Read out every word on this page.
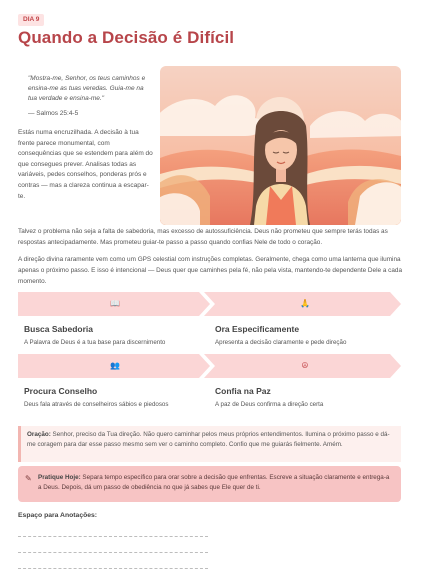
DIA 9
Quando a Decisão é Difícil
"Mostra-me, Senhor, os teus caminhos e ensina-me as tuas veredas. Guia-me na tua verdade e ensina-me."
— Salmos 25:4-5
Estás numa encruzilhada. A decisão à tua frente parece monumental, com consequências que se estendem para além do que consegues prever. Analisas todas as variáveis, pedes conselhos, ponderas prós e contras — mas a clareza continua a escapar-te.
Talvez o problema não seja a falta de sabedoria, mas excesso de autossuficiência. Deus não prometeu que sempre terás todas as respostas antecipadamente. Mas prometeu guiar-te passo a passo quando confias Nele de todo o coração.
A direção divina raramente vem como um GPS celestial com instruções completas. Geralmente, chega como uma lanterna que ilumina apenas o próximo passo. E isso é intencional — Deus quer que caminhes pela fé, não pela vista, mantendo-te dependente Dele a cada momento.
📖	🙏
Busca Sabedoria
A Palavra de Deus é a tua base para discernimento
Ora Especificamente
Apresenta a decisão claramente e pede direção
👥	☮
Procura Conselho
Deus fala através de conselheiros sábios e piedosos
Confia na Paz
A paz de Deus confirma a direção certa
Oração: Senhor, preciso da Tua direção. Não quero caminhar pelos meus próprios entendimentos. Ilumina o próximo passo e dá-me coragem para dar esse passo mesmo sem ver o caminho completo. Confio que me guiarás fielmente. Amém.
✎ Pratique Hoje: Separa tempo específico para orar sobre a decisão que enfrentas. Escreve a situação claramente e entrega-a a Deus. Depois, dá um passo de obediência no que já sabes que Ele quer de ti.
Espaço para Anotações:
